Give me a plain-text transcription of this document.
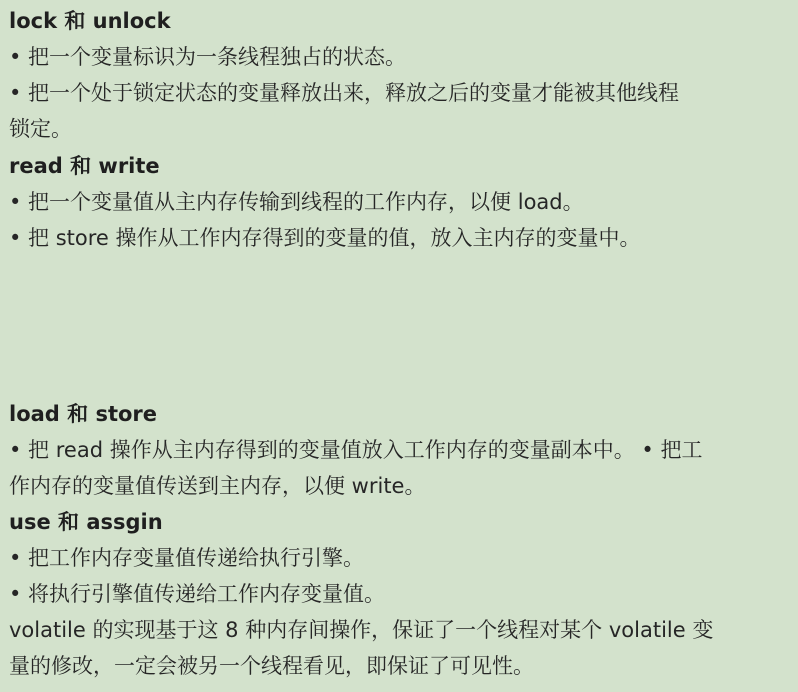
lock 和 unlock
• 把一个变量标识为一条线程独占的状态。
• 把一个处于锁定状态的变量释放出来，释放之后的变量才能被其他线程
锁定。
read 和 write
• 把一个变量值从主内存传输到线程的工作内存，以便 load。
• 把 store 操作从工作内存得到的变量的值，放入主内存的变量中。
load 和 store
• 把 read 操作从主内存得到的变量值放入工作内存的变量副本中。 • 把工
作内存的变量值传送到主内存，以便 write。
use 和 assgin
• 把工作内存变量值传递给执行引擎。
• 将执行引擎值传递给工作内存变量值。
volatile 的实现基于这 8 种内存间操作，保证了一个线程对某个 volatile 变
量的修改，一定会被另一个线程看见，即保证了可见性。
